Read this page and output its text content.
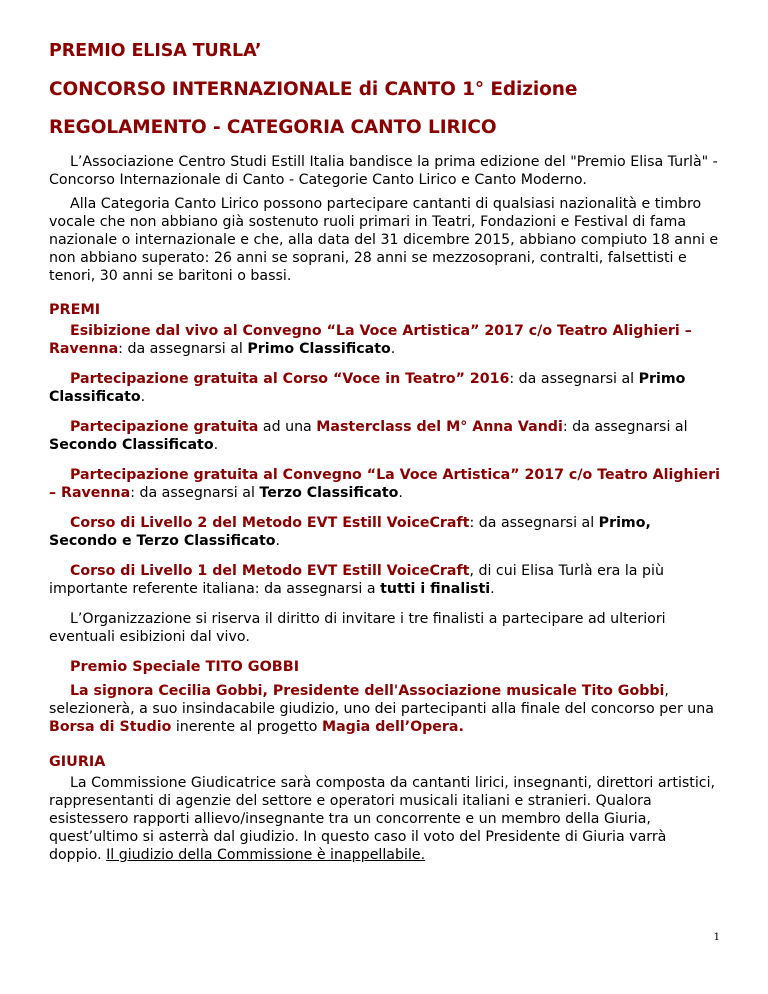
PREMIO ELISA TURLA’
CONCORSO INTERNAZIONALE di CANTO 1° Edizione
REGOLAMENTO - CATEGORIA CANTO LIRICO

L’Associazione Centro Studi Estill Italia bandisce la prima edizione del "Premio Elisa Turlà" - Concorso Internazionale di Canto - Categorie Canto Lirico e Canto Moderno.

Alla Categoria Canto Lirico possono partecipare cantanti di qualsiasi nazionalità e timbro vocale che non abbiano già sostenuto ruoli primari in Teatri, Fondazioni e Festival di fama nazionale o internazionale e che, alla data del 31 dicembre 2015, abbiano compiuto 18 anni e non abbiano superato: 26 anni se soprani, 28 anni se mezzosoprani, contralti, falsettisti e tenori, 30 anni se baritoni o bassi.

PREMI

Esibizione dal vivo al Convegno “La Voce Artistica” 2017 c/o Teatro Alighieri – Ravenna: da assegnarsi al Primo Classificato.

Partecipazione gratuita al Corso “Voce in Teatro” 2016: da assegnarsi al Primo Classificato.

Partecipazione gratuita ad una Masterclass del M° Anna Vandi: da assegnarsi al Secondo Classificato.

Partecipazione gratuita al Convegno “La Voce Artistica” 2017 c/o Teatro Alighieri – Ravenna: da assegnarsi al Terzo Classificato.

Corso di Livello 2 del Metodo EVT Estill VoiceCraft: da assegnarsi al Primo, Secondo e Terzo Classificato.

Corso di Livello 1 del Metodo EVT Estill VoiceCraft, di cui Elisa Turlà era la più importante referente italiana: da assegnarsi a tutti i finalisti.

L’Organizzazione si riserva il diritto di invitare i tre finalisti a partecipare ad ulteriori eventuali esibizioni dal vivo.

Premio Speciale TITO GOBBI

La signora Cecilia Gobbi, Presidente dell'Associazione musicale Tito Gobbi, selezionerà, a suo insindacabile giudizio, uno dei partecipanti alla finale del concorso per una Borsa di Studio inerente al progetto Magia dell’Opera.

GIURIA

La Commissione Giudicatrice sarà composta da cantanti lirici, insegnanti, direttori artistici, rappresentanti di agenzie del settore e operatori musicali italiani e stranieri. Qualora esistessero rapporti allievo/insegnante tra un concorrente e un membro della Giuria, quest’ultimo si asterrà dal giudizio. In questo caso il voto del Presidente di Giuria varrà doppio. Il giudizio della Commissione è inappellabile.

1
